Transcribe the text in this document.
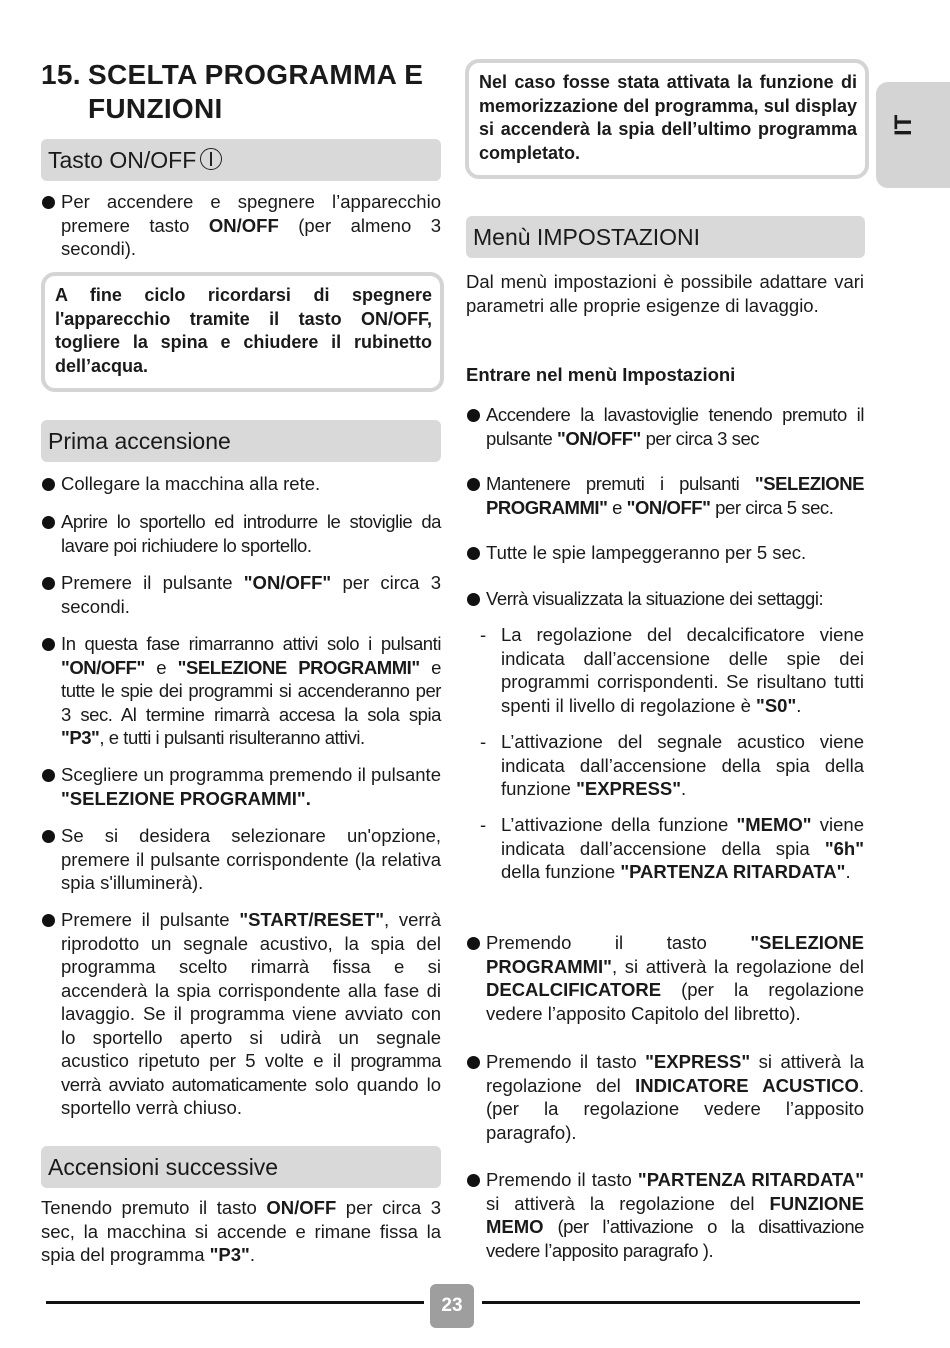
15. SCELTA PROGRAMMA E FUNZIONI
IT
Tasto ON/OFF
Per accendere e spegnere l’apparecchio premere tasto ON/OFF (per almeno 3 secondi).
A fine ciclo ricordarsi di spegnere l'apparecchio tramite il tasto ON/OFF, togliere la spina e chiudere il rubinetto dell’acqua.
Prima accensione
Collegare la macchina alla rete.
Aprire lo sportello ed introdurre le stoviglie da lavare poi richiudere lo sportello.
Premere il pulsante "ON/OFF" per circa 3 secondi.
In questa fase rimarranno attivi solo i pulsanti "ON/OFF" e "SELEZIONE PROGRAMMI" e tutte le spie dei programmi si accenderanno per 3 sec. Al termine rimarrà accesa la sola spia "P3", e tutti i pulsanti risulteranno attivi.
Scegliere un programma premendo il pulsante "SELEZIONE PROGRAMMI".
Se si desidera selezionare un'opzione, premere il pulsante corrispondente (la relativa spia s'illuminerà).
Premere il pulsante "START/RESET", verrà riprodotto un segnale acustivo, la spia del programma scelto rimarrà fissa e si accenderà la spia corrispondente alla fase di lavaggio. Se il programma viene avviato con lo sportello aperto si udirà un segnale acustico ripetuto per 5 volte e il programma verrà avviato automaticamente solo quando lo sportello verrà chiuso.
Accensioni successive
Tenendo premuto il tasto ON/OFF per circa 3 sec, la macchina si accende e rimane fissa la spia del programma "P3".
Nel caso fosse stata attivata la funzione di memorizzazione del programma, sul display si accenderà la spia dell’ultimo programma completato.
Menù IMPOSTAZIONI
Dal menù impostazioni è possibile adattare vari parametri alle proprie esigenze di lavaggio.
Entrare nel menù Impostazioni
Accendere la lavastoviglie tenendo premuto il pulsante "ON/OFF" per circa 3 sec
Mantenere premuti i pulsanti "SELEZIONE PROGRAMMI" e "ON/OFF" per circa 5 sec.
Tutte le spie lampeggeranno per 5 sec.
Verrà visualizzata la situazione dei settaggi:
- La regolazione del decalcificatore viene indicata dall’accensione delle spie dei programmi corrispondenti. Se risultano tutti spenti il livello di regolazione è "S0".
- L’attivazione del segnale acustico viene indicata dall’accensione della spia della funzione "EXPRESS".
- L’attivazione della funzione "MEMO" viene indicata dall’accensione della spia "6h" della funzione "PARTENZA RITARDATA".
Premendo il tasto "SELEZIONE PROGRAMMI", si attiverà la regolazione del DECALCIFICATORE (per la regolazione vedere l’apposito Capitolo del libretto).
Premendo il tasto "EXPRESS" si attiverà la regolazione del INDICATORE ACUSTICO. (per la regolazione vedere l’apposito paragrafo).
Premendo il tasto "PARTENZA RITARDATA" si attiverà la regolazione del FUNZIONE MEMO (per l’attivazione o la disattivazione vedere l’apposito paragrafo ).
23
